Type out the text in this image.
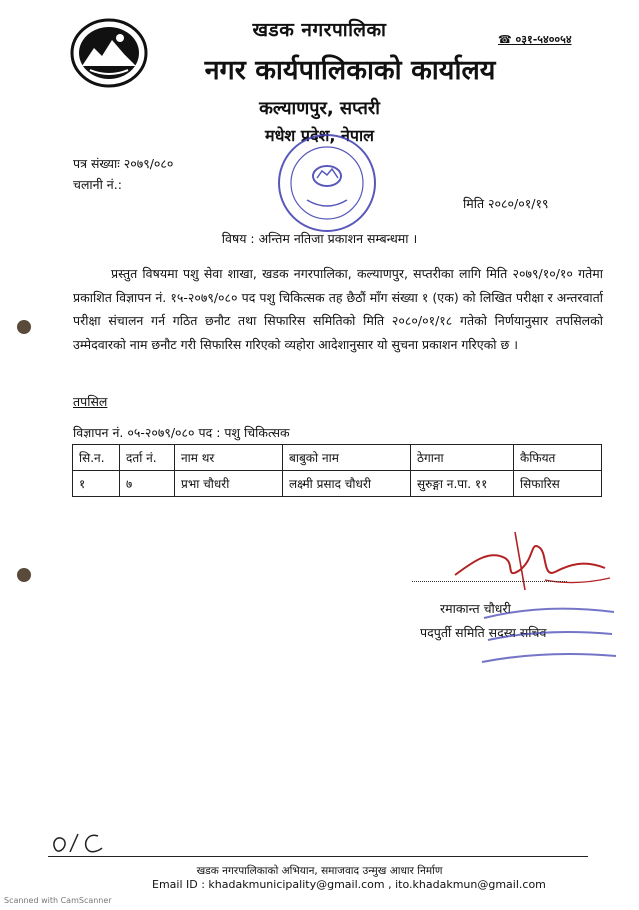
खडक नगरपालिका
नगर कार्यपालिकाको कार्यालय
कल्याणपुर, सप्तरी
मधेश प्रदेश, नेपाल
☎ ०३१-५४००५४
पत्र संख्याः २०७९/०८०
चलानी नं.:
मिति २०८०/०१/१९
विषय : अन्तिम नतिजा प्रकाशन सम्बन्धमा ।
प्रस्तुत विषयमा पशु सेवा शाखा, खडक नगरपालिका, कल्याणपुर, सप्तरीका लागि मिति २०७९/१०/१० गतेमा प्रकाशित विज्ञापन नं. १५-२०७९/०८० पद पशु चिकित्सक तह छैठौं माँग संख्या १ (एक) को लिखित परीक्षा र अन्तरवार्ता परीक्षा संचालन गर्न गठित छनौट तथा सिफारिस समितिको मिति २०८०/०१/१८ गतेको निर्णयानुसार तपसिलको उम्मेदवारको नाम छनौट गरी सिफारिस गरिएको व्यहोरा आदेशानुसार यो सुचना प्रकाशन गरिएको छ ।
तपसिल
विज्ञापन नं. ०५-२०७९/०८० पद : पशु चिकित्सक
सि.न.	दर्ता नं.	नाम थर	बाबुको नाम	ठेगाना	कैफियत
१	७	प्रभा चौधरी	लक्ष्मी प्रसाद चौधरी	सुरुङ्गा न.पा. ११	सिफारिस
रमाकान्त चौधरी
पदपुर्ती समिति सदस्य सचिव
खडक नगरपालिकाको अभियान, समाजवाद उन्मुख आधार निर्माण
Email ID : khadakmunicipality@gmail.com , ito.khadakmun@gmail.com
Scanned with CamScanner
